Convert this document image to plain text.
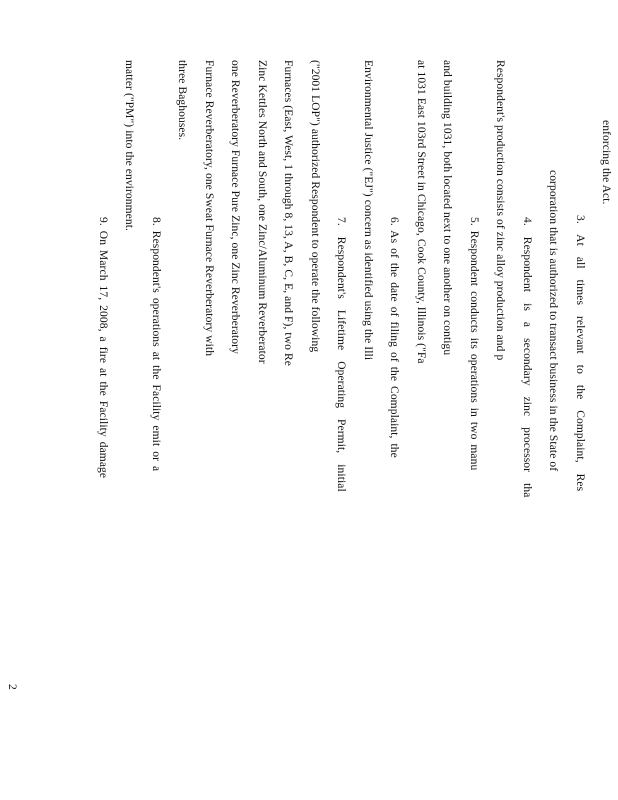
enforcing the Act.
3. At all times relevant to the Complaint, Res
corporation that is authorized to transact business in the State of
4. Respondent is a secondary zinc processor tha
Respondent's production consists of zinc alloy production and p
5. Respondent conducts its operations in two manu
and building 1031, both located next to one another on contigu
at 1031 East 103rd Street in Chicago, Cook County, Illinois ("Fa
6. As of the date of filing of the Complaint, the
Environmental Justice ("EJ") concern as identified using the Illi
7. Respondent's Lifetime Operating Permit, initial
("2001 LOP") authorized Respondent to operate the following
Furnaces (East, West, 1 through 8, 13, A, B, C, E, and F), two Re
Zinc Kettles North and South, one Zinc/Aluminum Reverberator
one Reverberatory Furnace Pure Zinc, one Zinc Reverberatory
Furnace Reverberatory, one Sweat Furnace Reverberatory with
three Baghouses.
8. Respondent's operations at the Facility emit or a
matter ("PM") into the environment.
9. On March 17, 2008, a fire at the Facility damage
2
